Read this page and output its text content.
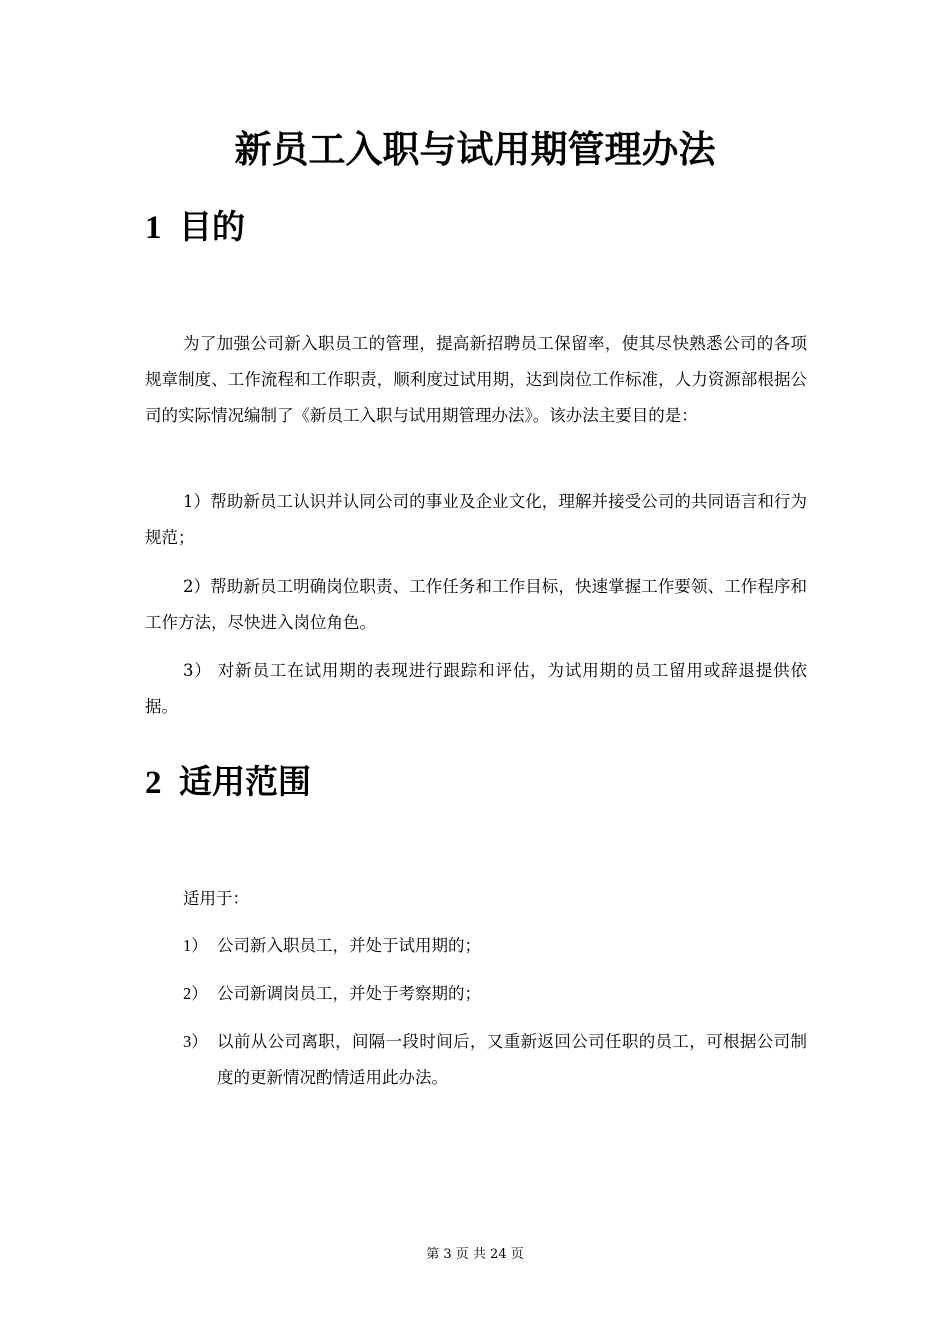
新员工入职与试用期管理办法
1 目的

为了加强公司新入职员工的管理，提高新招聘员工保留率，使其尽快熟悉公司的各项规章制度、工作流程和工作职责，顺利度过试用期，达到岗位工作标准，人力资源部根据公司的实际情况编制了《新员工入职与试用期管理办法》。该办法主要目的是：

1）帮助新员工认识并认同公司的事业及企业文化，理解并接受公司的共同语言和行为规范；

2）帮助新员工明确岗位职责、工作任务和工作目标，快速掌握工作要领、工作程序和工作方法，尽快进入岗位角色。

3） 对新员工在试用期的表现进行跟踪和评估，为试用期的员工留用或辞退提供依据。

2 适用范围

适用于：

1） 公司新入职员工，并处于试用期的；
2） 公司新调岗员工，并处于考察期的；
3） 以前从公司离职，间隔一段时间后，又重新返回公司任职的员工，可根据公司制度的更新情况酌情适用此办法。

第 3 页 共 24 页
